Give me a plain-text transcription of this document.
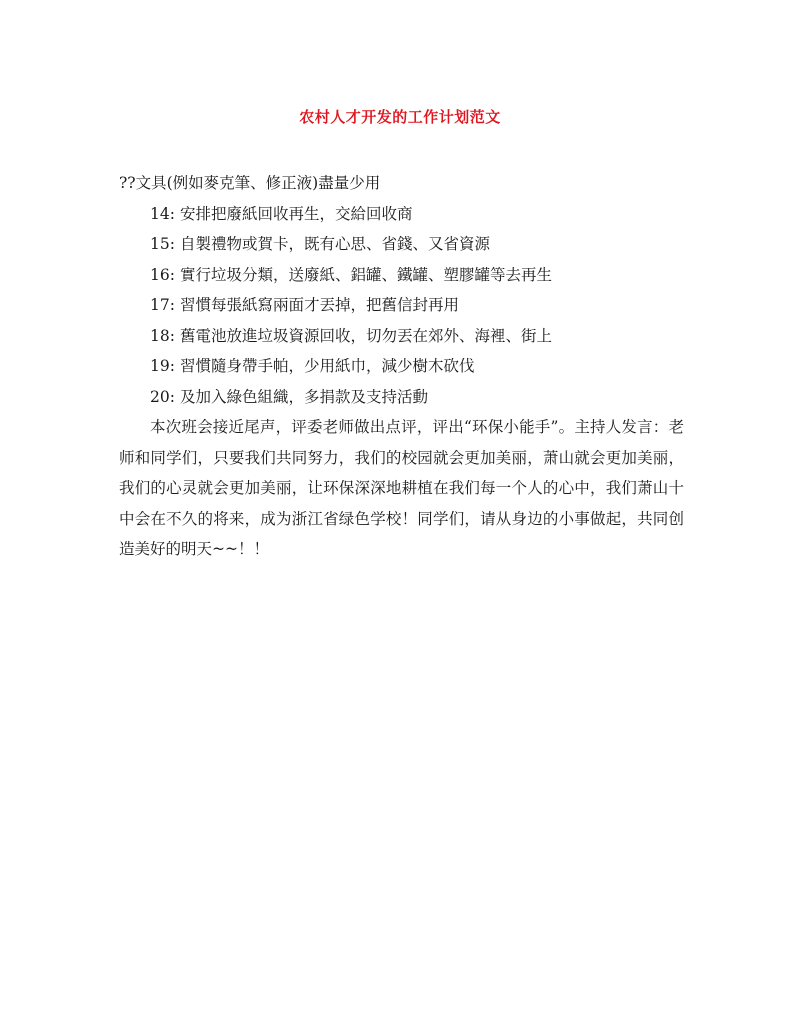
农村人才开发的工作计划范文

??文具(例如麥克筆、修正液)盡量少用

14: 安排把廢紙回收再生，交給回收商

15: 自製禮物或賀卡，既有心思、省錢、又省資源

16: 實行垃圾分類，送廢紙、鋁罐、鐵罐、塑膠罐等去再生

17: 習慣每張紙寫兩面才丟掉，把舊信封再用

18: 舊電池放進垃圾資源回收，切勿丟在郊外、海裡、街上

19: 習慣隨身帶手帕，少用紙巾，減少樹木砍伐

20: 及加入綠色組織，多捐款及支持活動

本次班会接近尾声，评委老师做出点评，评出“环保小能手”。主持人发言：老师和同学们，只要我们共同努力，我们的校园就会更加美丽，萧山就会更加美丽，我们的心灵就会更加美丽，让环保深深地耕植在我们每一个人的心中，我们萧山十中会在不久的将来，成为浙江省绿色学校！同学们，请从身边的小事做起，共同创造美好的明天~~！！
